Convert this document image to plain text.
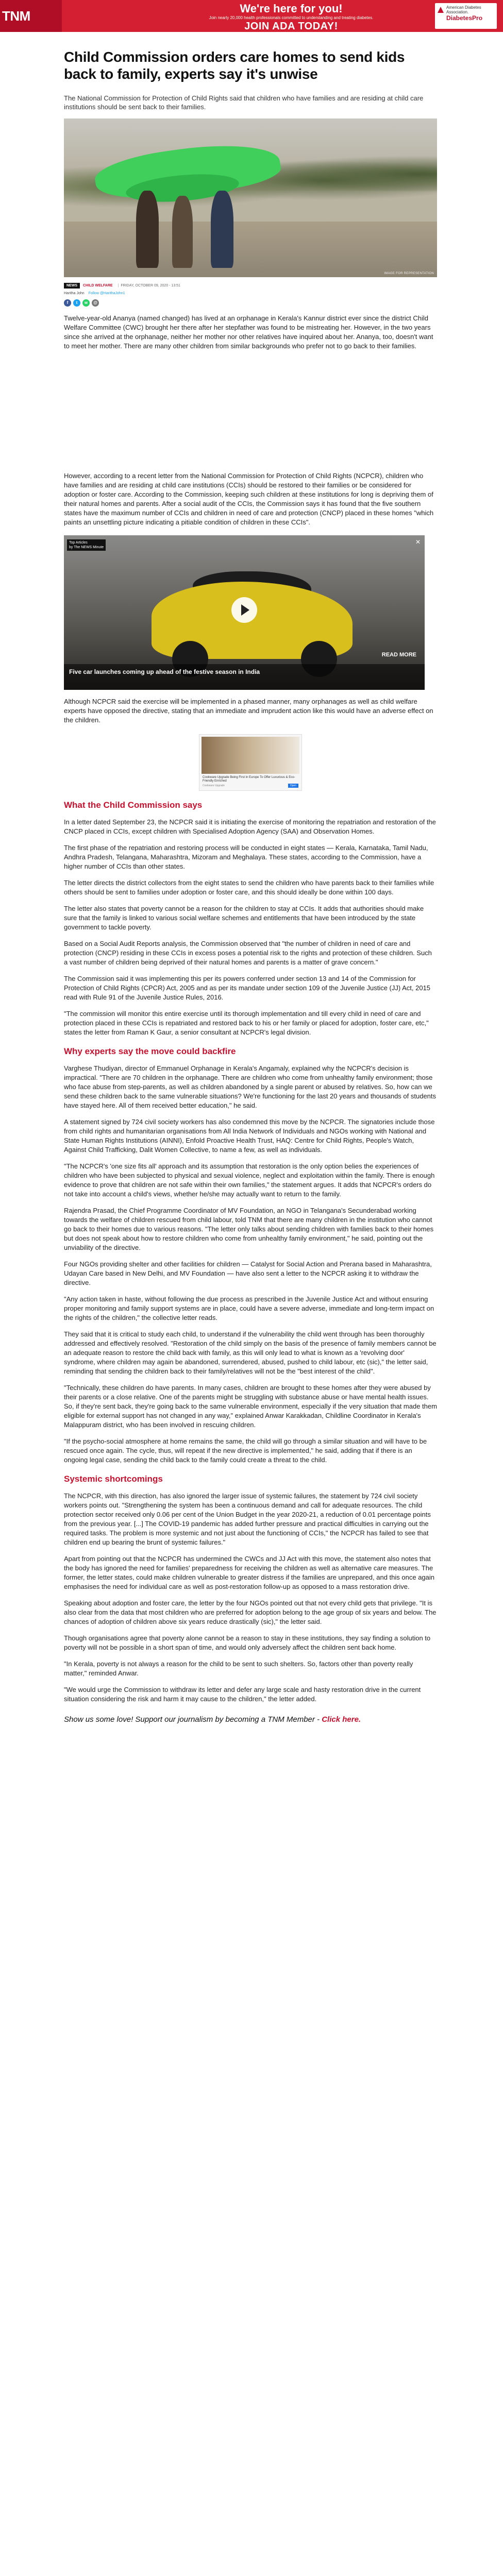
TNM Minute
We're here for you!
Join nearly 20,000 health professionals committed to understanding and treating diabetes.
JOIN ADA TODAY!
American Diabetes Association.
DiabetesPro
Child Commission orders care homes to send kids back to family, experts say it's unwise
The National Commission for Protection of Child Rights said that children who have families and are residing at child care institutions should be sent back to their families.
IMAGE FOR REPRESENTATION
NEWS	CHILD WELFARE | FRIDAY, OCTOBER 09, 2020 - 13:51
Haritha John Follow @HarithaJohn1
f	t	w	@

Twelve-year-old Ananya (named changed) has lived at an orphanage in Kerala's Kannur district ever since the district Child Welfare Committee (CWC) brought her there after her stepfather was found to be mistreating her. However, in the two years since she arrived at the orphanage, neither her mother nor other relatives have inquired about her. Ananya, too, doesn't want to meet her mother. There are many other children from similar backgrounds who prefer not to go back to their families.

However, according to a recent letter from the National Commission for Protection of Child Rights (NCPCR), children who have families and are residing at child care institutions (CCIs) should be restored to their families or be considered for adoption or foster care. According to the Commission, keeping such children at these institutions for long is depriving them of their natural homes and parents. After a social audit of the CCIs, the Commission says it has found that the five southern states have the maximum number of CCIs and children in need of care and protection (CNCP) placed in these homes "which paints an unsettling picture indicating a pitiable condition of children in these CCIs".

Top Articles
by The NEWS Minute
✕
READ MORE
Five car launches coming up ahead of the festive season in India

Although NCPCR said the exercise will be implemented in a phased manner, many orphanages as well as child welfare experts have opposed the directive, stating that an immediate and imprudent action like this would have an adverse effect on the children.

Cookware Upgrade Being First in Europe To Offer Luxurious & Eco-Friendly Enriched
Cookware Upgrade	Open
What the Child Commission says

In a letter dated September 23, the NCPCR said it is initiating the exercise of monitoring the repatriation and restoration of the CNCP placed in CCIs, except children with Specialised Adoption Agency (SAA) and Observation Homes.

The first phase of the repatriation and restoring process will be conducted in eight states — Kerala, Karnataka, Tamil Nadu, Andhra Pradesh, Telangana, Maharashtra, Mizoram and Meghalaya. These states, according to the Commission, have a higher number of CCIs than other states.

The letter directs the district collectors from the eight states to send the children who have parents back to their families while others should be sent to families under adoption or foster care, and this should ideally be done within 100 days.

The letter also states that poverty cannot be a reason for the children to stay at CCIs. It adds that authorities should make sure that the family is linked to various social welfare schemes and entitlements that have been introduced by the state government to tackle poverty.

Based on a Social Audit Reports analysis, the Commission observed that "the number of children in need of care and protection (CNCP) residing in these CCIs in excess poses a potential risk to the rights and protection of these children. Such a vast number of children being deprived of their natural homes and parents is a matter of grave concern."

The Commission said it was implementing this per its powers conferred under section 13 and 14 of the Commission for Protection of Child Rights (CPCR) Act, 2005 and as per its mandate under section 109 of the Juvenile Justice (JJ) Act, 2015 read with Rule 91 of the Juvenile Justice Rules, 2016.

"The commission will monitor this entire exercise until its thorough implementation and till every child in need of care and protection placed in these CCIs is repatriated and restored back to his or her family or placed for adoption, foster care, etc," states the letter from Raman K Gaur, a senior consultant at NCPCR's legal division.

Why experts say the move could backfire

Varghese Thudiyan, director of Emmanuel Orphanage in Kerala's Angamaly, explained why the NCPCR's decision is impractical. "There are 70 children in the orphanage. There are children who come from unhealthy family environment; those who face abuse from step-parents, as well as children abandoned by a single parent or abused by relatives. So, how can we send these children back to the same vulnerable situations? We're functioning for the last 20 years and thousands of students have stayed here. All of them received better education," he said.

A statement signed by 724 civil society workers has also condemned this move by the NCPCR. The signatories include those from child rights and humanitarian organisations from All India Network of Individuals and NGOs working with National and State Human Rights Institutions (AINNI), Enfold Proactive Health Trust, HAQ: Centre for Child Rights, People's Watch, Against Child Trafficking, Dalit Women Collective, to name a few, as well as individuals.

"The NCPCR's 'one size fits all' approach and its assumption that restoration is the only option belies the experiences of children who have been subjected to physical and sexual violence, neglect and exploitation within the family. There is enough evidence to prove that children are not safe within their own families," the statement argues. It adds that NCPCR's orders do not take into account a child's views, whether he/she may actually want to return to the family.

Rajendra Prasad, the Chief Programme Coordinator of MV Foundation, an NGO in Telangana's Secunderabad working towards the welfare of children rescued from child labour, told TNM that there are many children in the institution who cannot go back to their homes due to various reasons. "The letter only talks about sending children with families back to their homes but does not speak about how to restore children who come from unhealthy family environment," he said, pointing out the unviability of the directive.

Four NGOs providing shelter and other facilities for children — Catalyst for Social Action and Prerana based in Maharashtra, Udayan Care based in New Delhi, and MV Foundation — have also sent a letter to the NCPCR asking it to withdraw the directive.

"Any action taken in haste, without following the due process as prescribed in the Juvenile Justice Act and without ensuring proper monitoring and family support systems are in place, could have a severe adverse, immediate and long-term impact on the rights of the children," the collective letter reads.

They said that it is critical to study each child, to understand if the vulnerability the child went through has been thoroughly addressed and effectively resolved. "Restoration of the child simply on the basis of the presence of family members cannot be an adequate reason to restore the child back with family, as this will only lead to what is known as a 'revolving door' syndrome, where children may again be abandoned, surrendered, abused, pushed to child labour, etc (sic)," the letter said, reminding that sending the children back to their family/relatives will not be the "best interest of the child".

"Technically, these children do have parents. In many cases, children are brought to these homes after they were abused by their parents or a close relative. One of the parents might be struggling with substance abuse or have mental health issues. So, if they're sent back, they're going back to the same vulnerable environment, especially if the very situation that made them eligible for external support has not changed in any way," explained Anwar Karakkadan, Childline Coordinator in Kerala's Malappuram district, who has been involved in rescuing children.

"If the psycho-social atmosphere at home remains the same, the child will go through a similar situation and will have to be rescued once again. The cycle, thus, will repeat if the new directive is implemented," he said, adding that if there is an ongoing legal case, sending the child back to the family could create a threat to the child.

Systemic shortcomings

The NCPCR, with this direction, has also ignored the larger issue of systemic failures, the statement by 724 civil society workers points out. "Strengthening the system has been a continuous demand and call for adequate resources. The child protection sector received only 0.06 per cent of the Union Budget in the year 2020-21, a reduction of 0.01 percentage points from the previous year. [...] The COVID-19 pandemic has added further pressure and practical difficulties in carrying out the required tasks. The problem is more systemic and not just about the functioning of CCIs," the NCPCR has failed to see that children end up bearing the brunt of systemic failures."

Apart from pointing out that the NCPCR has undermined the CWCs and JJ Act with this move, the statement also notes that the body has ignored the need for families' preparedness for receiving the children as well as alternative care measures. The former, the letter states, could make children vulnerable to greater distress if the families are unprepared, and this once again emphasises the need for individual care as well as post-restoration follow-up as opposed to a mass restoration drive.

Speaking about adoption and foster care, the letter by the four NGOs pointed out that not every child gets that privilege. "It is also clear from the data that most children who are preferred for adoption belong to the age group of six years and below. The chances of adoption of children above six years reduce drastically (sic)," the letter said.

Though organisations agree that poverty alone cannot be a reason to stay in these institutions, they say finding a solution to poverty will not be possible in a short span of time, and would only adversely affect the children sent back home.

"In Kerala, poverty is not always a reason for the child to be sent to such shelters. So, factors other than poverty really matter," reminded Anwar.

"We would urge the Commission to withdraw its letter and defer any large scale and hasty restoration drive in the current situation considering the risk and harm it may cause to the children," the letter added.

Show us some love! Support our journalism by becoming a TNM Member - Click here.
